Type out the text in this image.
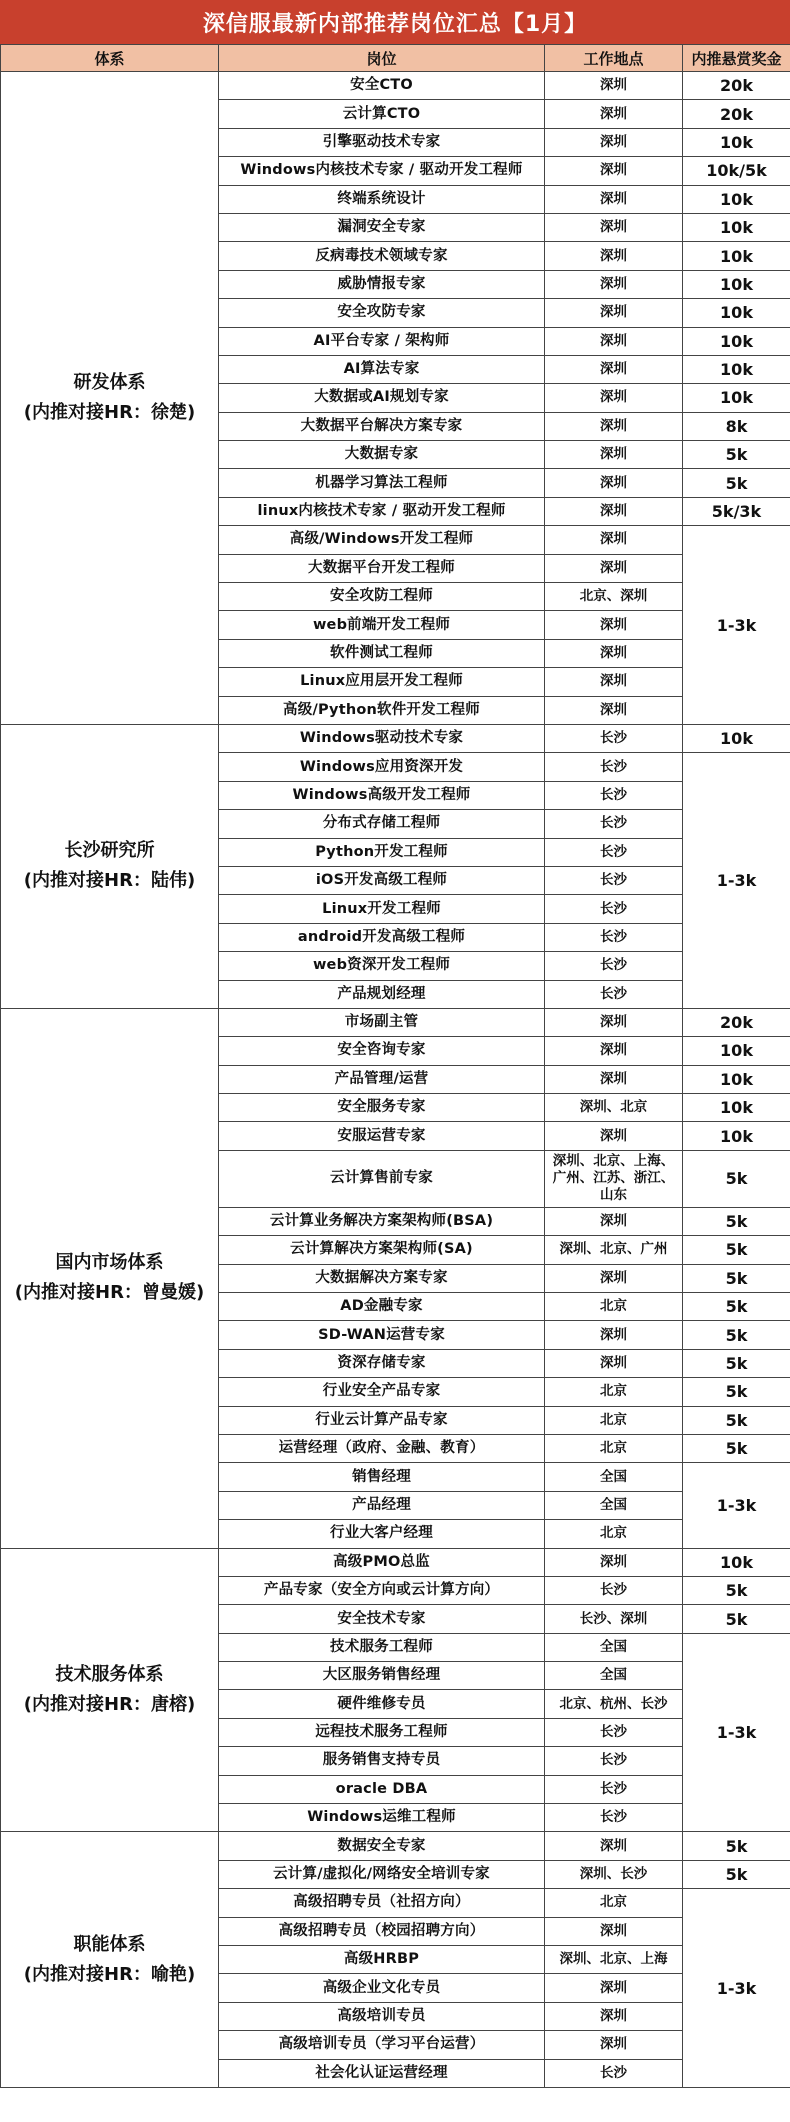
深信服最新内部推荐岗位汇总【1月】
体系	岗位	工作地点	内推悬赏奖金

研发体系
(内推对接HR：徐楚)	安全CTO	深圳	20k
	云计算CTO	深圳	20k
	引擎驱动技术专家	深圳	10k
	Windows内核技术专家 / 驱动开发工程师	深圳	10k/5k
	终端系统设计	深圳	10k
	漏洞安全专家	深圳	10k
	反病毒技术领域专家	深圳	10k
	威胁情报专家	深圳	10k
	安全攻防专家	深圳	10k
	AI平台专家 / 架构师	深圳	10k
	AI算法专家	深圳	10k
	大数据或AI规划专家	深圳	10k
	大数据平台解决方案专家	深圳	8k
	大数据专家	深圳	5k
	机器学习算法工程师	深圳	5k
	linux内核技术专家 / 驱动开发工程师	深圳	5k/3k
	高级/Windows开发工程师	深圳	1-3k
	大数据平台开发工程师	深圳	
	安全攻防工程师	北京、深圳	
	web前端开发工程师	深圳	
	软件测试工程师	深圳	
	Linux应用层开发工程师	深圳	
	高级/Python软件开发工程师	深圳	

长沙研究所
(内推对接HR：陆伟)	Windows驱动技术专家	长沙	10k
	Windows应用资深开发	长沙	1-3k
	Windows高级开发工程师	长沙	
	分布式存储工程师	长沙	
	Python开发工程师	长沙	
	iOS开发高级工程师	长沙	
	Linux开发工程师	长沙	
	android开发高级工程师	长沙	
	web资深开发工程师	长沙	
	产品规划经理	长沙	

国内市场体系
(内推对接HR：曾曼媛)	市场副主管	深圳	20k
	安全咨询专家	深圳	10k
	产品管理/运营	深圳	10k
	安全服务专家	深圳、北京	10k
	安服运营专家	深圳	10k
	云计算售前专家	深圳、北京、上海、广州、江苏、浙江、山东	5k
	云计算业务解决方案架构师(BSA)	深圳	5k
	云计算解决方案架构师(SA)	深圳、北京、广州	5k
	大数据解决方案专家	深圳	5k
	AD金融专家	北京	5k
	SD-WAN运营专家	深圳	5k
	资深存储专家	深圳	5k
	行业安全产品专家	北京	5k
	行业云计算产品专家	北京	5k
	运营经理（政府、金融、教育）	北京	5k
	销售经理	全国	1-3k
	产品经理	全国	
	行业大客户经理	北京	

技术服务体系
(内推对接HR：唐榕)	高级PMO总监	深圳	10k
	产品专家（安全方向或云计算方向）	长沙	5k
	安全技术专家	长沙、深圳	5k
	技术服务工程师	全国	1-3k
	大区服务销售经理	全国	
	硬件维修专员	北京、杭州、长沙	
	远程技术服务工程师	长沙	
	服务销售支持专员	长沙	
	oracle DBA	长沙	
	Windows运维工程师	长沙	

职能体系
(内推对接HR：喻艳)	数据安全专家	深圳	5k
	云计算/虚拟化/网络安全培训专家	深圳、长沙	5k
	高级招聘专员（社招方向）	北京	1-3k
	高级招聘专员（校园招聘方向）	深圳	
	高级HRBP	深圳、北京、上海	
	高级企业文化专员	深圳	
	高级培训专员	深圳	
	高级培训专员（学习平台运营）	深圳	
	社会化认证运营经理	长沙	
